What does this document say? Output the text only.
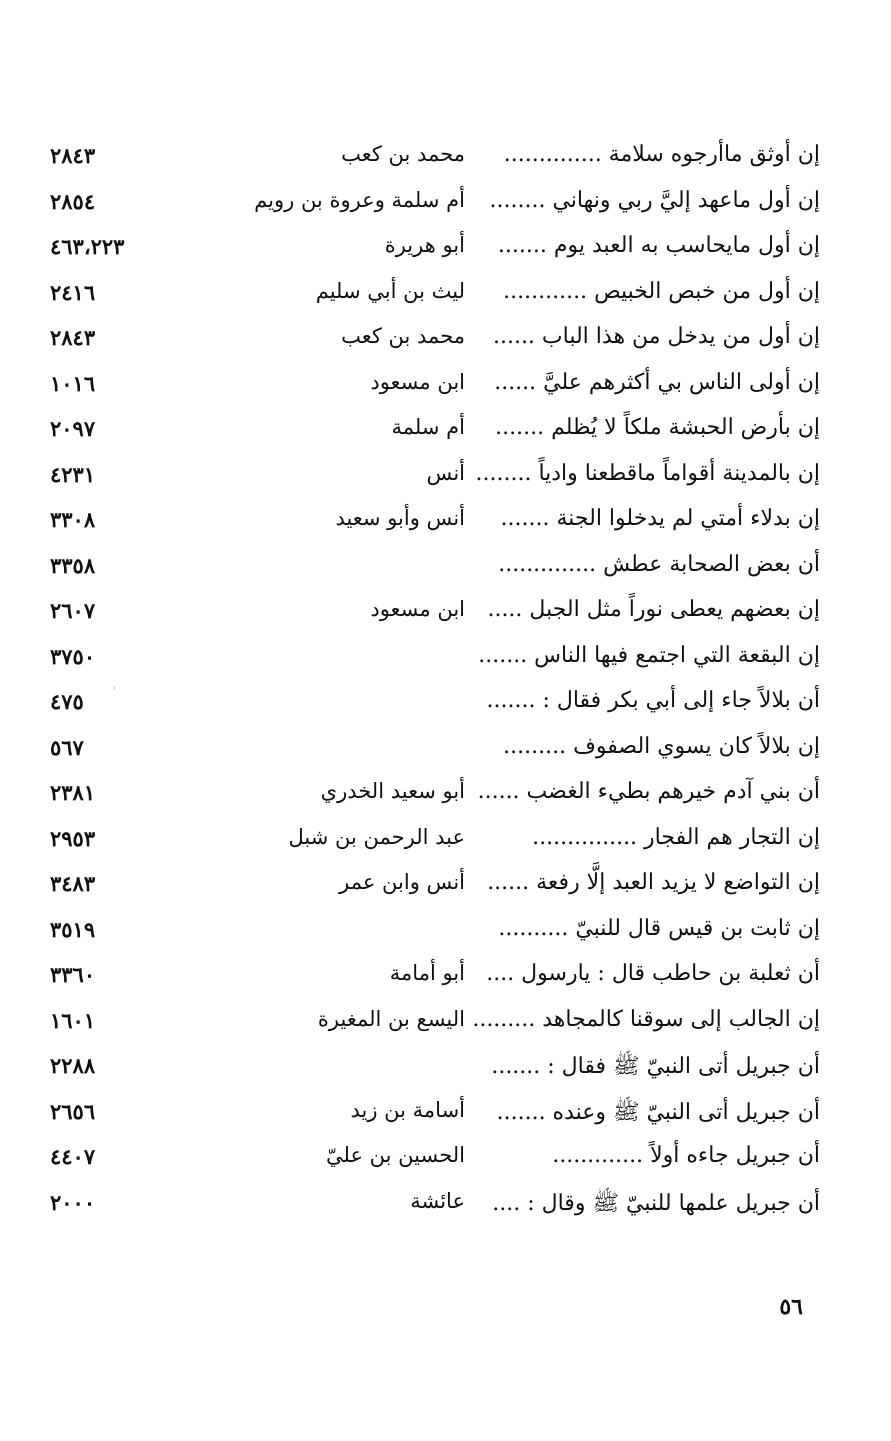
إن أوثق ماأرجوه سلامة ..............
محمد بن كعب
٢٨٤٣
إن أول ماعهد إليَّ ربي ونهاني ........
أم سلمة وعروة بن رويم
٢٨٥٤
إن أول مايحاسب به العبد يوم .......
أبو هريرة
٤٦٣،٢٢٣
إن أول من خبص الخبيص ............
ليث بن أبي سليم
٢٤١٦
إن أول من يدخل من هذا الباب ......
محمد بن كعب
٢٨٤٣
إن أولى الناس بي أكثرهم عليَّ ......
ابن مسعود
١٠١٦
إن بأرض الحبشة ملكاً لا يُظلم .......
أم سلمة
٢٠٩٧
إن بالمدينة أقواماً ماقطعنا وادياً ........
أنس
٤٢٣١
إن بدلاء أمتي لم يدخلوا الجنة .......
أنس وأبو سعيد
٣٣٠٨
أن بعض الصحابة عطش ..............
٣٣٥٨
إن بعضهم يعطى نوراً مثل الجبل .....
ابن مسعود
٢٦٠٧
إن البقعة التي اجتمع فيها الناس .......
٣٧٥٠
أن بلالاً جاء إلى أبي بكر فقال : .......
٤٧٥
إن بلالاً كان يسوي الصفوف .........
٥٦٧
أن بني آدم خيرهم بطيء الغضب ......
أبو سعيد الخدري
٢٣٨١
إن التجار هم الفجار ...............
عبد الرحمن بن شبل
٢٩٥٣
إن التواضع لا يزيد العبد إلَّا رفعة ......
أنس وابن عمر
٣٤٨٣
إن ثابت بن قيس قال للنبيّ ..........
٣٥١٩
أن ثعلبة بن حاطب قال : يارسول ....
أبو أمامة
٣٣٦٠
إن الجالب إلى سوقنا كالمجاهد .........
اليسع بن المغيرة
١٦٠١
أن جبريل أتى النبيّ ﷺ فقال : .......
٢٢٨٨
أن جبريل أتى النبيّ ﷺ وعنده .......
أسامة بن زيد
٢٦٥٦
أن جبريل جاءه أولاً .............
الحسين بن عليّ
٤٤٠٧
أن جبريل علمها للنبيّ ﷺ وقال : ....
عائشة
٢٠٠٠
٥٦
